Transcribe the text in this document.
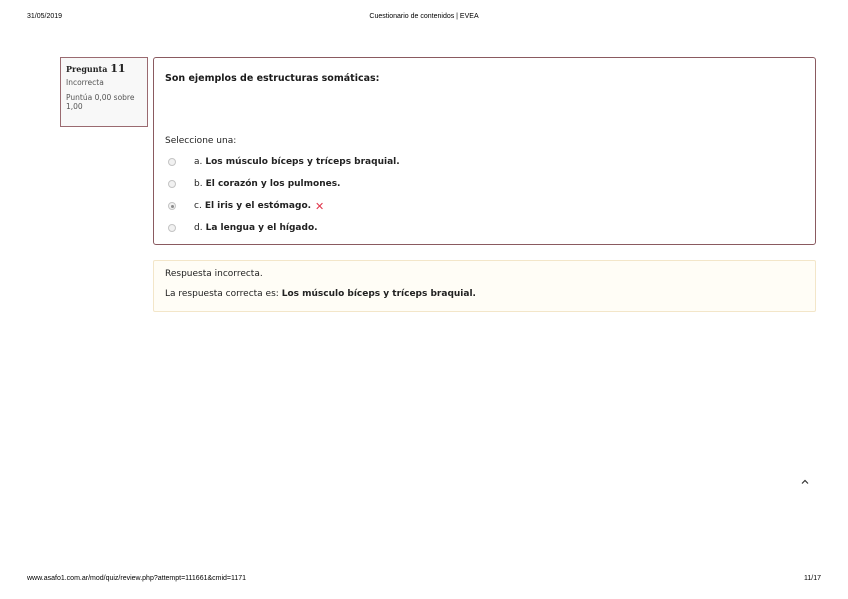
31/05/2019	Cuestionario de contenidos | EVEA
Pregunta 11
Incorrecta
Puntúa 0,00 sobre 1,00
Son ejemplos de estructuras somáticas:
Seleccione una:
a. Los músculo bíceps y tríceps braquial.
b. El corazón y los pulmones.
c. El iris y el estómago. ✕
d. La lengua y el hígado.
Respuesta incorrecta.
La respuesta correcta es: Los músculo bíceps y tríceps braquial.
www.asafo1.com.ar/mod/quiz/review.php?attempt=111661&cmid=1171	11/17
